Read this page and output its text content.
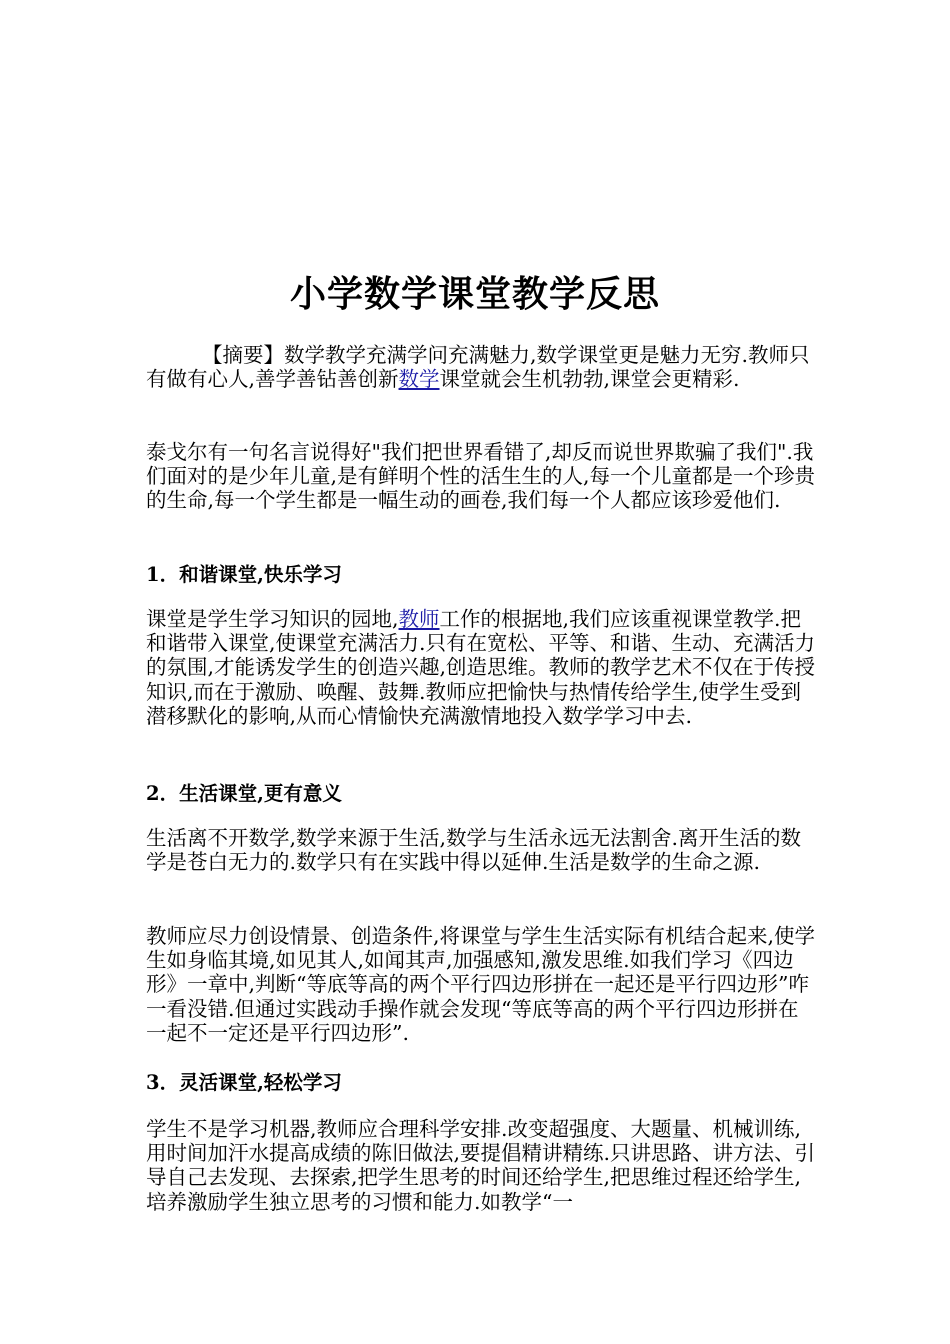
小学数学课堂教学反思
【摘要】数学教学充满学问充满魅力,数学课堂更是魅力无穷.教师只有做有心人,善学善钻善创新数学课堂就会生机勃勃,课堂会更精彩.
泰戈尔有一句名言说得好"我们把世界看错了,却反而说世界欺骗了我们".我们面对的是少年儿童,是有鲜明个性的活生生的人,每一个儿童都是一个珍贵的生命,每一个学生都是一幅生动的画卷,我们每一个人都应该珍爱他们.
1．和谐课堂,快乐学习
课堂是学生学习知识的园地,教师工作的根据地,我们应该重视课堂教学.把和谐带入课堂,使课堂充满活力.只有在宽松、平等、和谐、生动、充满活力的氛围,才能诱发学生的创造兴趣,创造思维。教师的教学艺术不仅在于传授知识,而在于激励、唤醒、鼓舞.教师应把愉快与热情传给学生,使学生受到潜移默化的影响,从而心情愉快充满激情地投入数学学习中去.
2．生活课堂,更有意义
生活离不开数学,数学来源于生活,数学与生活永远无法割舍.离开生活的数学是苍白无力的.数学只有在实践中得以延伸.生活是数学的生命之源.
教师应尽力创设情景、创造条件,将课堂与学生生活实际有机结合起来,使学生如身临其境,如见其人,如闻其声,加强感知,激发思维.如我们学习《四边形》一章中,判断“等底等高的两个平行四边形拼在一起还是平行四边形”咋一看没错.但通过实践动手操作就会发现“等底等高的两个平行四边形拼在一起不一定还是平行四边形”.
3．灵活课堂,轻松学习
学生不是学习机器,教师应合理科学安排.改变超强度、大题量、机械训练,用时间加汗水提高成绩的陈旧做法,要提倡精讲精练.只讲思路、讲方法、引导自己去发现、去探索,把学生思考的时间还给学生,把思维过程还给学生,培养激励学生独立思考的习惯和能力.如教学“一
